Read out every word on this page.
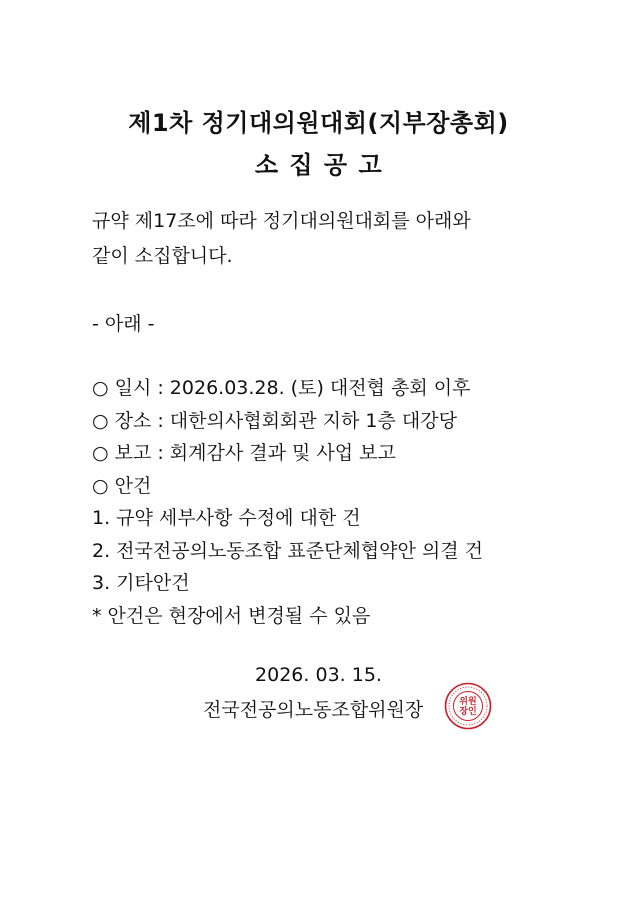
제1차 정기대의원대회(지부장총회)
소 집 공 고
규약 제17조에 따라 정기대의원대회를 아래와
같이 소집합니다.
- 아래 -
○ 일시 : 2026.03.28. (토) 대전협 총회 이후
○ 장소 : 대한의사협회회관 지하 1층 대강당
○ 보고 : 회계감사 결과 및 사업 보고
○ 안건
1. 규약 세부사항 수정에 대한 건
2. 전국전공의노동조합 표준단체협약안 의결 건
3. 기타안건
* 안건은 현장에서 변경될 수 있음
2026. 03. 15.
전국전공의노동조합위원장	위원
장인
